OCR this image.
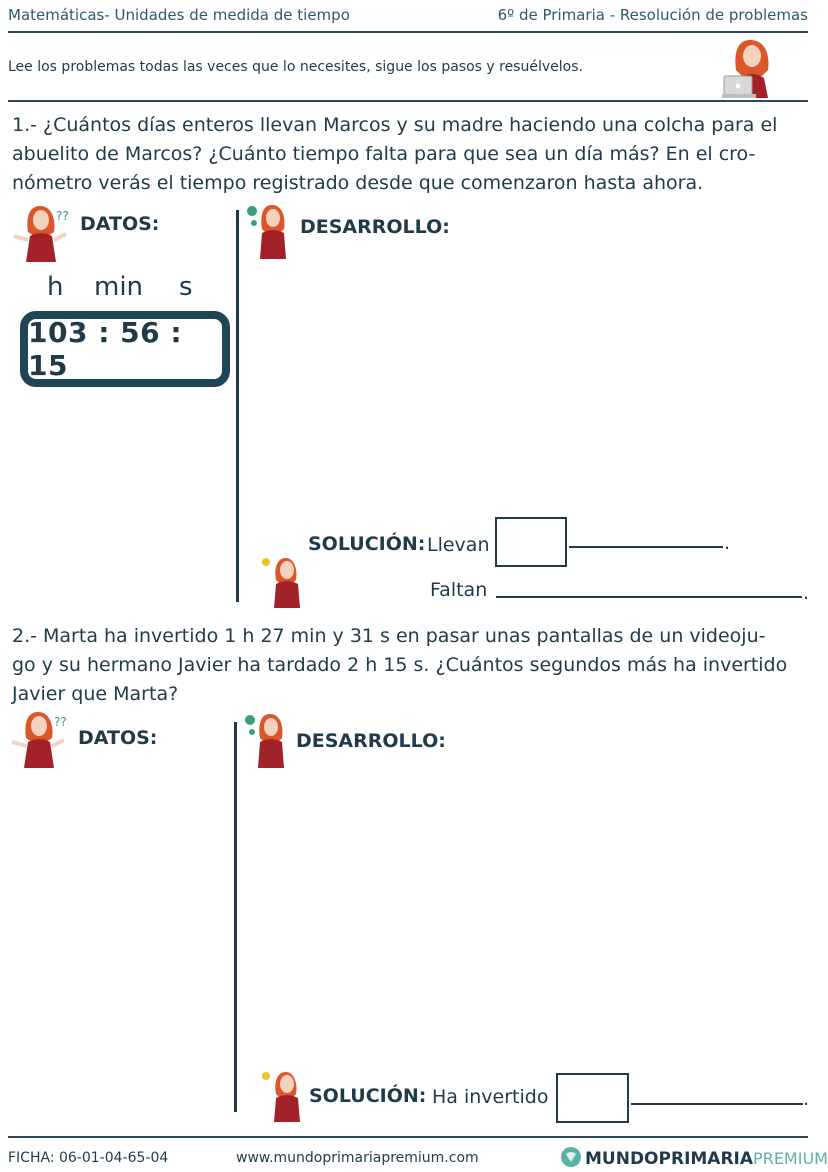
Matemáticas- Unidades de medida de tiempo	6º de Primaria - Resolución de problemas
Lee los problemas todas las veces que lo necesites, sigue los pasos y resuélvelos.
1.- ¿Cuántos días enteros llevan Marcos y su madre haciendo una colcha para el
abuelito de Marcos? ¿Cuánto tiempo falta para que sea un día más? En el cro-
nómetro verás el tiempo registrado desde que comenzaron hasta ahora.
?? DATOS:
h min s
103 : 56 : 15
DESARROLLO:
SOLUCIÓN: Llevan	.
Faltan	.
2.- Marta ha invertido 1 h 27 min y 31 s en pasar unas pantallas de un videoju-
go y su hermano Javier ha tardado 2 h 15 s. ¿Cuántos segundos más ha invertido
Javier que Marta?
??
DATOS:	DESARROLLO:
SOLUCIÓN: Ha invertido	.
FICHA: 06-01-04-65-04	www.mundoprimariapremium.com	MUNDO PRIMARIA PREMIUM
